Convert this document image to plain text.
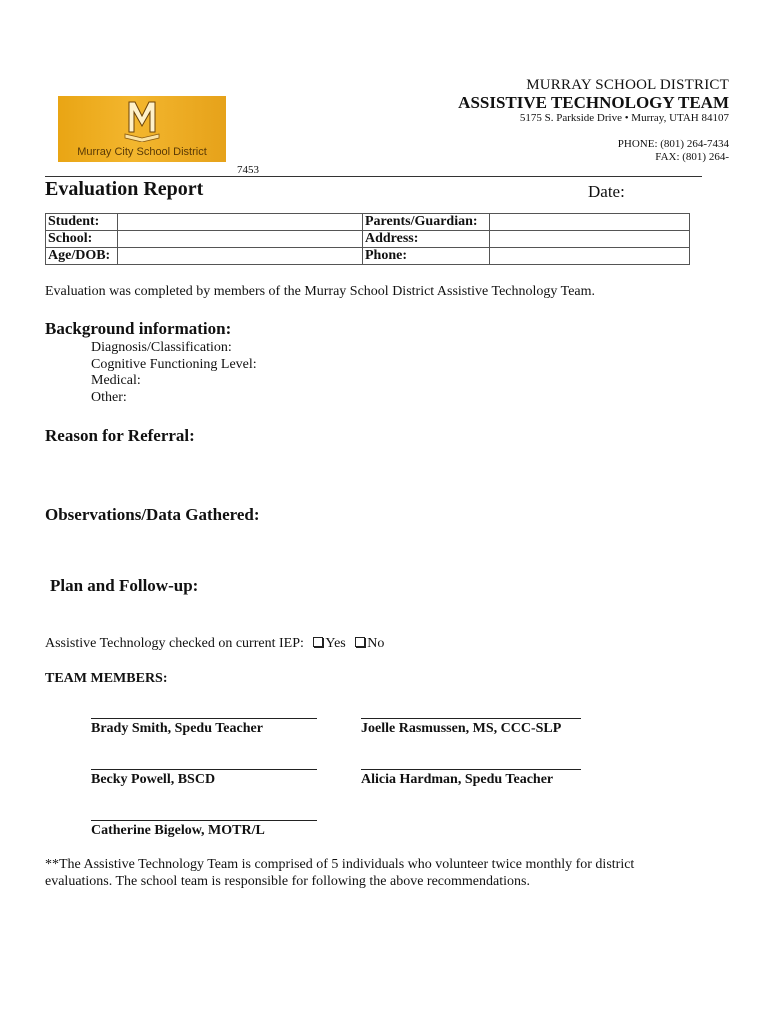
Murray City School District
MURRAY SCHOOL DISTRICT
ASSISTIVE TECHNOLOGY TEAM
5175 S. Parkside Drive • Murray, UTAH 84107
PHONE: (801) 264-7434
FAX: (801) 264-
7453
Evaluation Report	Date:
Student:		Parents/Guardian:	
School:		Address:	
Age/DOB:		Phone:	
Evaluation was completed by members of the Murray School District Assistive Technology Team.
Background information:
Diagnosis/Classification:
Cognitive Functioning Level:
Medical:
Other:
Reason for Referral:
Observations/Data Gathered:
Plan and Follow-up:
Assistive Technology checked on current IEP: Yes No
TEAM MEMBERS:
Brady Smith, Spedu Teacher	Joelle Rasmussen, MS, CCC-SLP
Becky Powell, BSCD	Alicia Hardman, Spedu Teacher
Catherine Bigelow, MOTR/L
**The Assistive Technology Team is comprised of 5 individuals who volunteer twice monthly for district
evaluations. The school team is responsible for following the above recommendations.
